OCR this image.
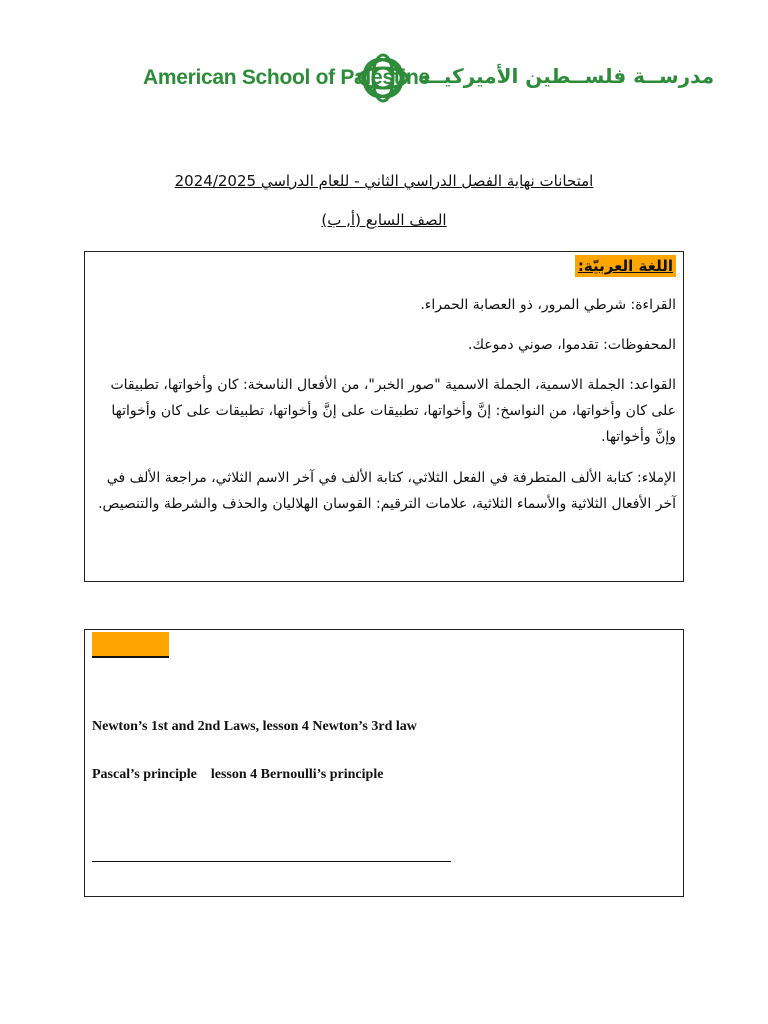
American School of Palestine
مدرســة فلســطين الأميركيــة
امتحانات نهاية الفصل الدراسي الثاني - للعام الدراسي 2024/2025
الصف السابع (أ, ب)
اللغة العربيّة:
القراءة: شرطي المرور، ذو العصابة الحمراء.
المحفوظات: تقدموا، صوني دموعك.
القواعد: الجملة الاسمية، الجملة الاسمية "صور الخبر"، من الأفعال الناسخة: كان وأخواتها، تطبيقات على كان وأخواتها، من النواسخ: إنَّ وأخواتها، تطبيقات على إنَّ وأخواتها، تطبيقات على كان وأخواتها وإنَّ وأخواتها.
الإملاء: كتابة الألف المتطرفة في الفعل الثلاثي، كتابة الألف في آخر الاسم الثلاثي، مراجعة الألف في آخر الأفعال الثلاثية والأسماء الثلاثية، علامات الترقيم: القوسان الهلاليان والحذف والشرطة والتنصيص.
Newton’s 1st and 2nd Laws, lesson 4 Newton’s 3rd law
Pascal’s principle    lesson 4 Bernoulli’s principle
